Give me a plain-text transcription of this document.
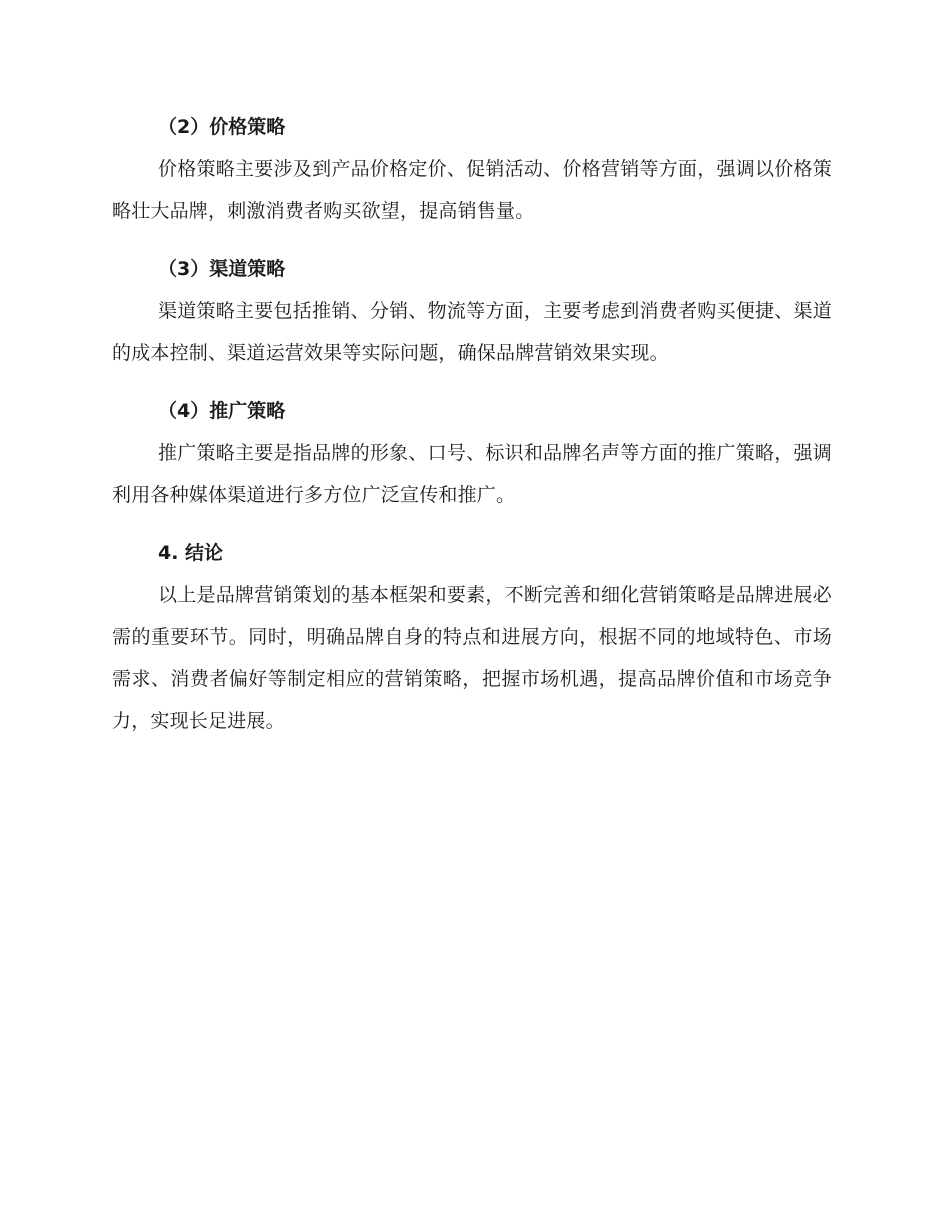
（2）价格策略

价格策略主要涉及到产品价格定价、促销活动、价格营销等方面，强调以价格策略壮大品牌，刺激消费者购买欲望，提高销售量。

（3）渠道策略

渠道策略主要包括推销、分销、物流等方面，主要考虑到消费者购买便捷、渠道的成本控制、渠道运营效果等实际问题，确保品牌营销效果实现。

（4）推广策略

推广策略主要是指品牌的形象、口号、标识和品牌名声等方面的推广策略，强调利用各种媒体渠道进行多方位广泛宣传和推广。

4. 结论

以上是品牌营销策划的基本框架和要素，不断完善和细化营销策略是品牌进展必需的重要环节。同时，明确品牌自身的特点和进展方向，根据不同的地域特色、市场需求、消费者偏好等制定相应的营销策略，把握市场机遇，提高品牌价值和市场竞争力，实现长足进展。
